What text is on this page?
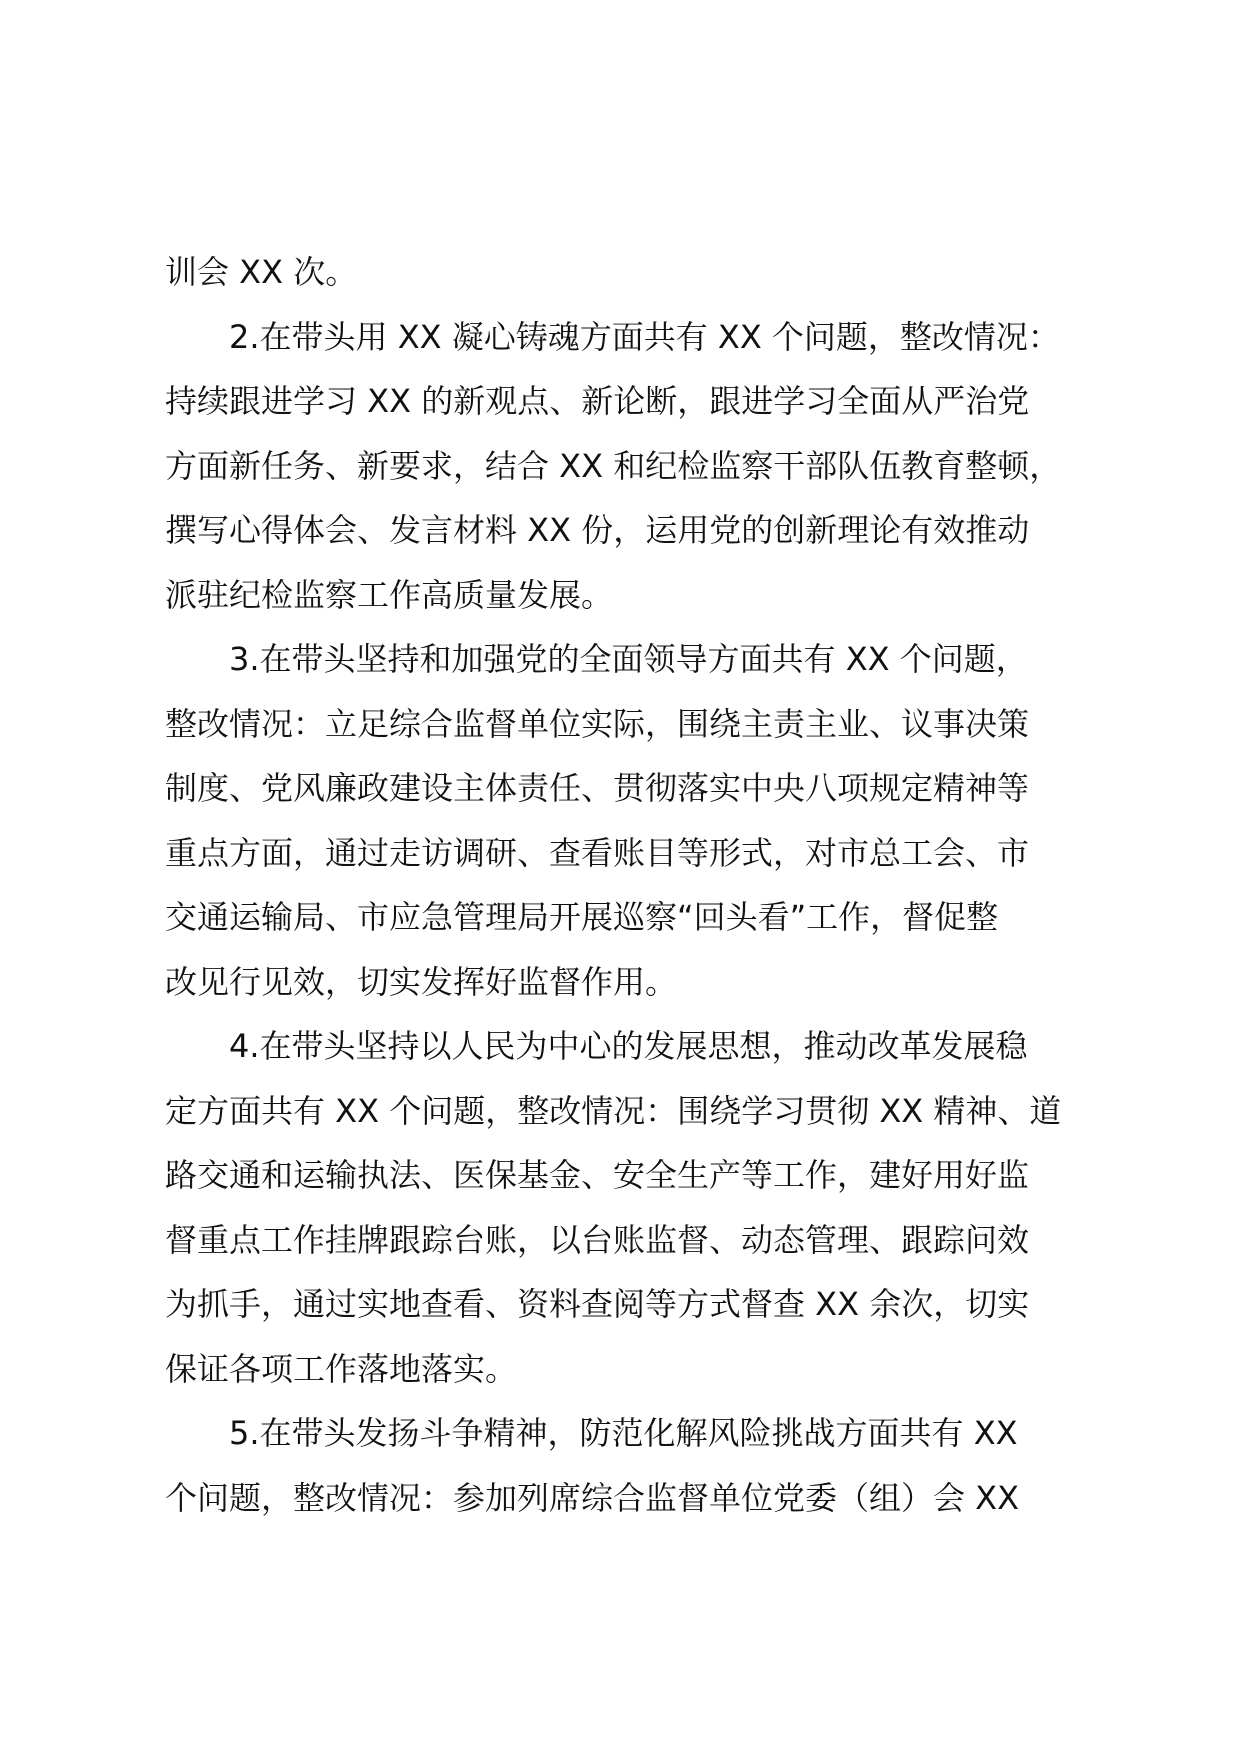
训会 XX 次。
2.在带头用 XX 凝心铸魂方面共有 XX 个问题，整改情况：
持续跟进学习 XX 的新观点、新论断，跟进学习全面从严治党
方面新任务、新要求，结合 XX 和纪检监察干部队伍教育整顿，
撰写心得体会、发言材料 XX 份，运用党的创新理论有效推动
派驻纪检监察工作高质量发展。
3.在带头坚持和加强党的全面领导方面共有 XX 个问题，
整改情况：立足综合监督单位实际，围绕主责主业、议事决策
制度、党风廉政建设主体责任、贯彻落实中央八项规定精神等
重点方面，通过走访调研、查看账目等形式，对市总工会、市
交通运输局、市应急管理局开展巡察“回头看”工作，督促整
改见行见效，切实发挥好监督作用。
4.在带头坚持以人民为中心的发展思想，推动改革发展稳
定方面共有 XX 个问题，整改情况：围绕学习贯彻 XX 精神、道
路交通和运输执法、医保基金、安全生产等工作，建好用好监
督重点工作挂牌跟踪台账，以台账监督、动态管理、跟踪问效
为抓手，通过实地查看、资料查阅等方式督查 XX 余次，切实
保证各项工作落地落实。
5.在带头发扬斗争精神，防范化解风险挑战方面共有 XX
个问题，整改情况：参加列席综合监督单位党委（组）会 XX
